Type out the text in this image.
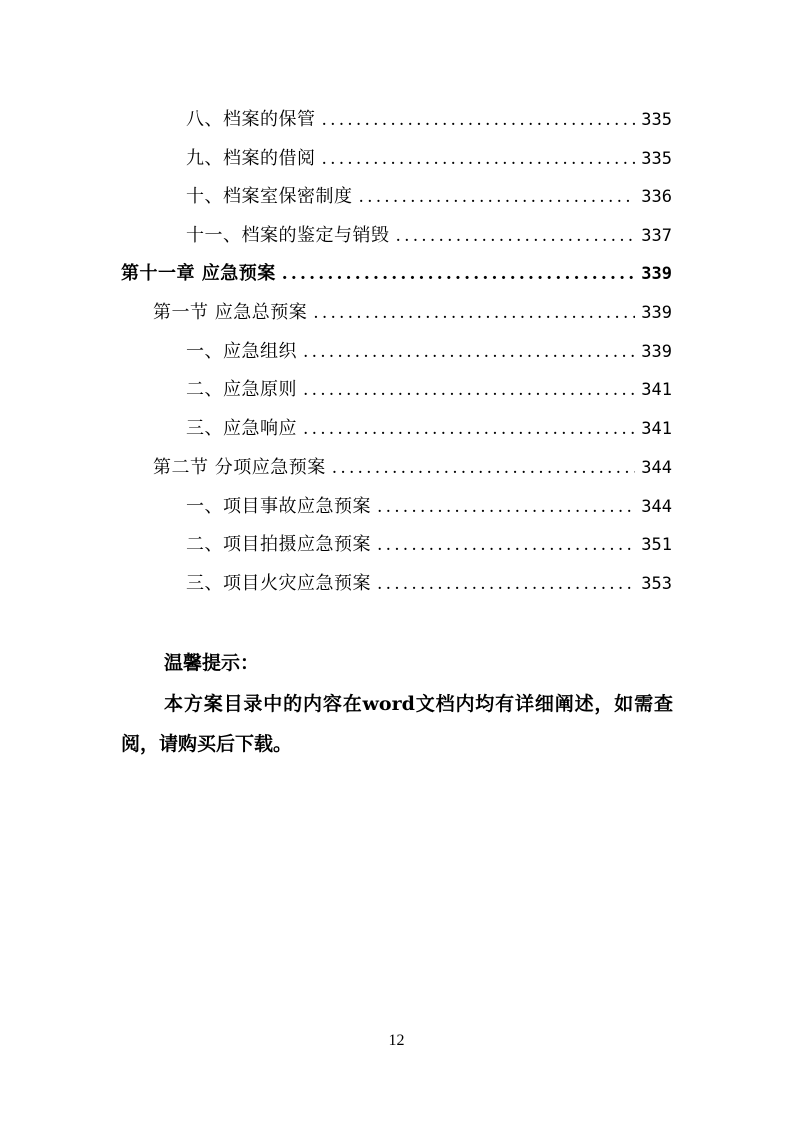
八、档案的保管 .....	335
九、档案的借阅 .....	335
十、档案室保密制度 .....	336
十一、档案的鉴定与销毁 .....	337
第十一章 应急预案 .....	339
第一节 应急总预案 .....	339
一、应急组织 .....	339
二、应急原则 .....	341
三、应急响应 .....	341
第二节 分项应急预案 .....	344
一、项目事故应急预案 .....	344
二、项目拍摄应急预案 .....	351
三、项目火灾应急预案 .....	353

温馨提示：

本方案目录中的内容在word文档内均有详细阐述，如需查阅，请购买后下载。

12
